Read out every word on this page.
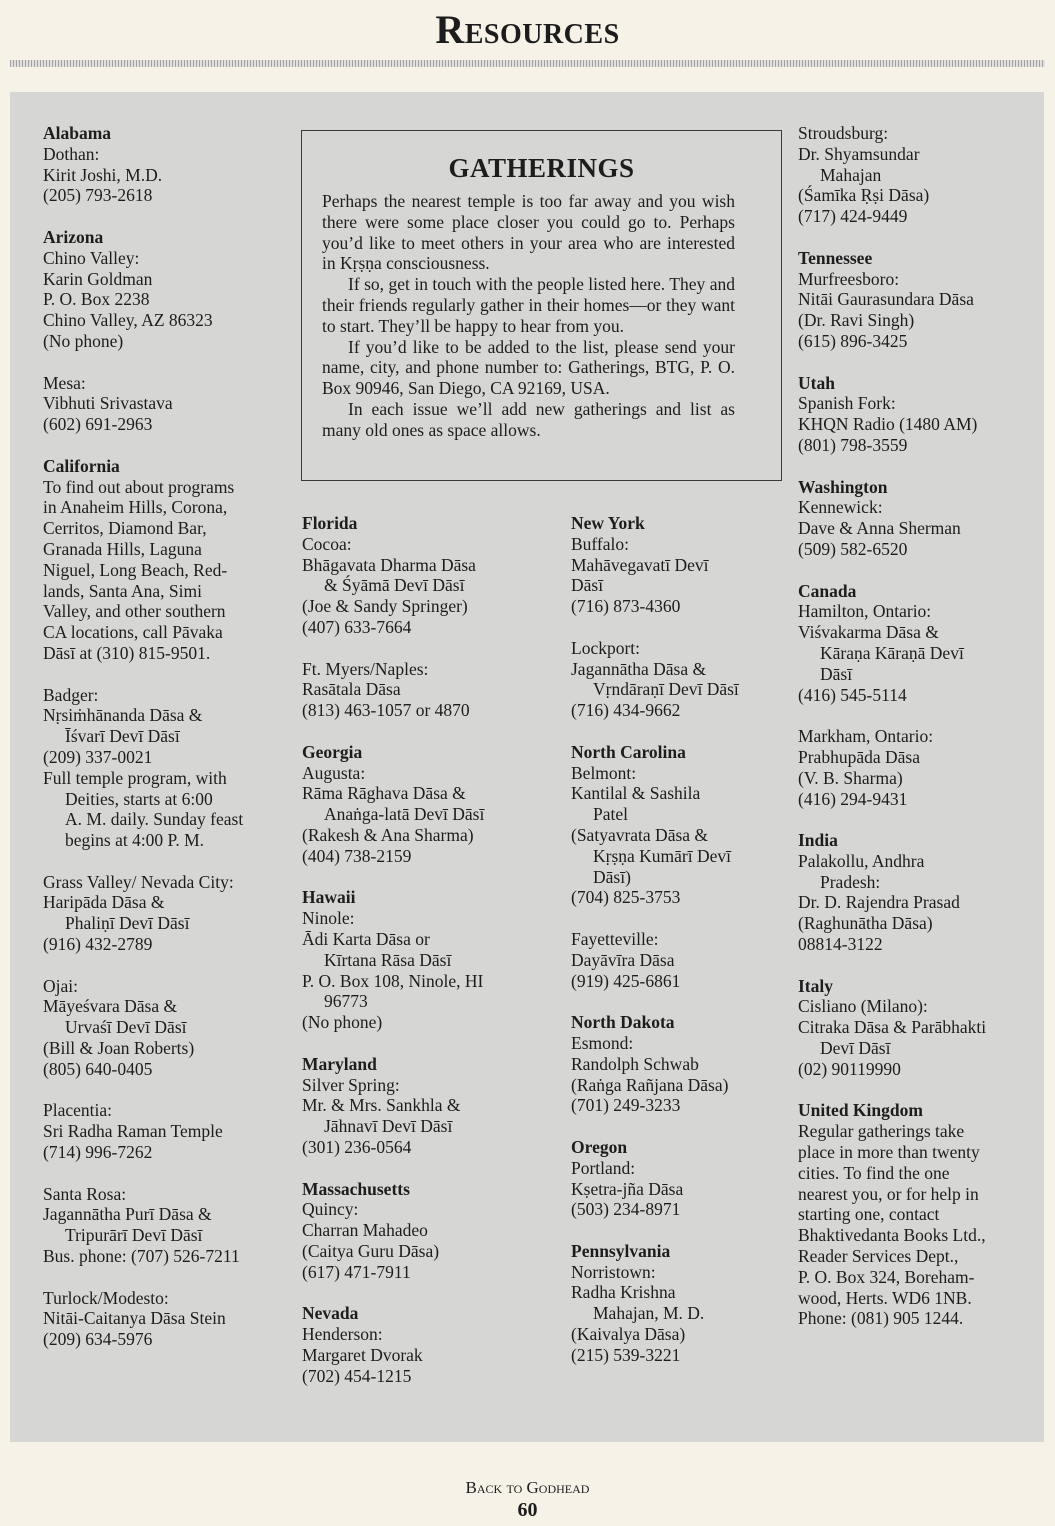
Resources
GATHERINGS
Perhaps the nearest temple is too far away and you wish there were some place closer you could go to. Perhaps you’d like to meet others in your area who are interested in Kṛṣṇa consciousness.
If so, get in touch with the people listed here. They and their friends regularly gather in their homes—or they want to start. They’ll be happy to hear from you.
If you’d like to be added to the list, please send your name, city, and phone number to: Gatherings, BTG, P. O. Box 90946, San Diego, CA 92169, USA.
In each issue we’ll add new gatherings and list as many old ones as space allows.
Alabama
Dothan:
Kirit Joshi, M.D.
(205) 793-2618
Arizona
Chino Valley:
Karin Goldman
P. O. Box 2238
Chino Valley, AZ 86323
(No phone)
Mesa:
Vibhuti Srivastava
(602) 691-2963
California
To find out about programs
in Anaheim Hills, Corona,
Cerritos, Diamond Bar,
Granada Hills, Laguna
Niguel, Long Beach, Red-
lands, Santa Ana, Simi
Valley, and other southern
CA locations, call Pāvaka
Dāsī at (310) 815-9501.
Badger:
Nṛsiṁhānanda Dāsa &
Īśvarī Devī Dāsī
(209) 337-0021
Full temple program, with
Deities, starts at 6:00
A. M. daily. Sunday feast
begins at 4:00 P. M.
Grass Valley/ Nevada City:
Haripāda Dāsa &
Phaliṇī Devī Dāsī
(916) 432-2789
Ojai:
Māyeśvara Dāsa &
Urvaśī Devī Dāsī
(Bill & Joan Roberts)
(805) 640-0405
Placentia:
Sri Radha Raman Temple
(714) 996-7262
Santa Rosa:
Jagannātha Purī Dāsa &
Tripurārī Devī Dāsī
Bus. phone: (707) 526-7211
Turlock/Modesto:
Nitāi-Caitanya Dāsa Stein
(209) 634-5976
Florida
Cocoa:
Bhāgavata Dharma Dāsa
& Śyāmā Devī Dāsī
(Joe & Sandy Springer)
(407) 633-7664
Ft. Myers/Naples:
Rasātala Dāsa
(813) 463-1057 or 4870
Georgia
Augusta:
Rāma Rāghava Dāsa &
Anaṅga-latā Devī Dāsī
(Rakesh & Ana Sharma)
(404) 738-2159
Hawaii
Ninole:
Ādi Karta Dāsa or
Kīrtana Rāsa Dāsī
P. O. Box 108, Ninole, HI
96773
(No phone)
Maryland
Silver Spring:
Mr. & Mrs. Sankhla &
Jāhnavī Devī Dāsī
(301) 236-0564
Massachusetts
Quincy:
Charran Mahadeo
(Caitya Guru Dāsa)
(617) 471-7911
Nevada
Henderson:
Margaret Dvorak
(702) 454-1215
New York
Buffalo:
Mahāvegavatī Devī
Dāsī
(716) 873-4360
Lockport:
Jagannātha Dāsa &
Vṛndāraṇī Devī Dāsī
(716) 434-9662
North Carolina
Belmont:
Kantilal & Sashila
Patel
(Satyavrata Dāsa &
Kṛṣṇa Kumārī Devī
Dāsī)
(704) 825-3753
Fayetteville:
Dayāvīra Dāsa
(919) 425-6861
North Dakota
Esmond:
Randolph Schwab
(Raṅga Rañjana Dāsa)
(701) 249-3233
Oregon
Portland:
Kṣetra-jña Dāsa
(503) 234-8971
Pennsylvania
Norristown:
Radha Krishna
Mahajan, M. D.
(Kaivalya Dāsa)
(215) 539-3221
Stroudsburg:
Dr. Shyamsundar
Mahajan
(Śamīka Ṛṣi Dāsa)
(717) 424-9449
Tennessee
Murfreesboro:
Nitāi Gaurasundara Dāsa
(Dr. Ravi Singh)
(615) 896-3425
Utah
Spanish Fork:
KHQN Radio (1480 AM)
(801) 798-3559
Washington
Kennewick:
Dave & Anna Sherman
(509) 582-6520
Canada
Hamilton, Ontario:
Viśvakarma Dāsa &
Kāraṇa Kāraṇā Devī
Dāsī
(416) 545-5114
Markham, Ontario:
Prabhupāda Dāsa
(V. B. Sharma)
(416) 294-9431
India
Palakollu, Andhra
Pradesh:
Dr. D. Rajendra Prasad
(Raghunātha Dāsa)
08814-3122
Italy
Cisliano (Milano):
Citraka Dāsa & Parābhakti
Devī Dāsī
(02) 90119990
United Kingdom
Regular gatherings take
place in more than twenty
cities. To find the one
nearest you, or for help in
starting one, contact
Bhaktivedanta Books Ltd.,
Reader Services Dept.,
P. O. Box 324, Boreham-
wood, Herts. WD6 1NB.
Phone: (081) 905 1244.
Back to Godhead
60
